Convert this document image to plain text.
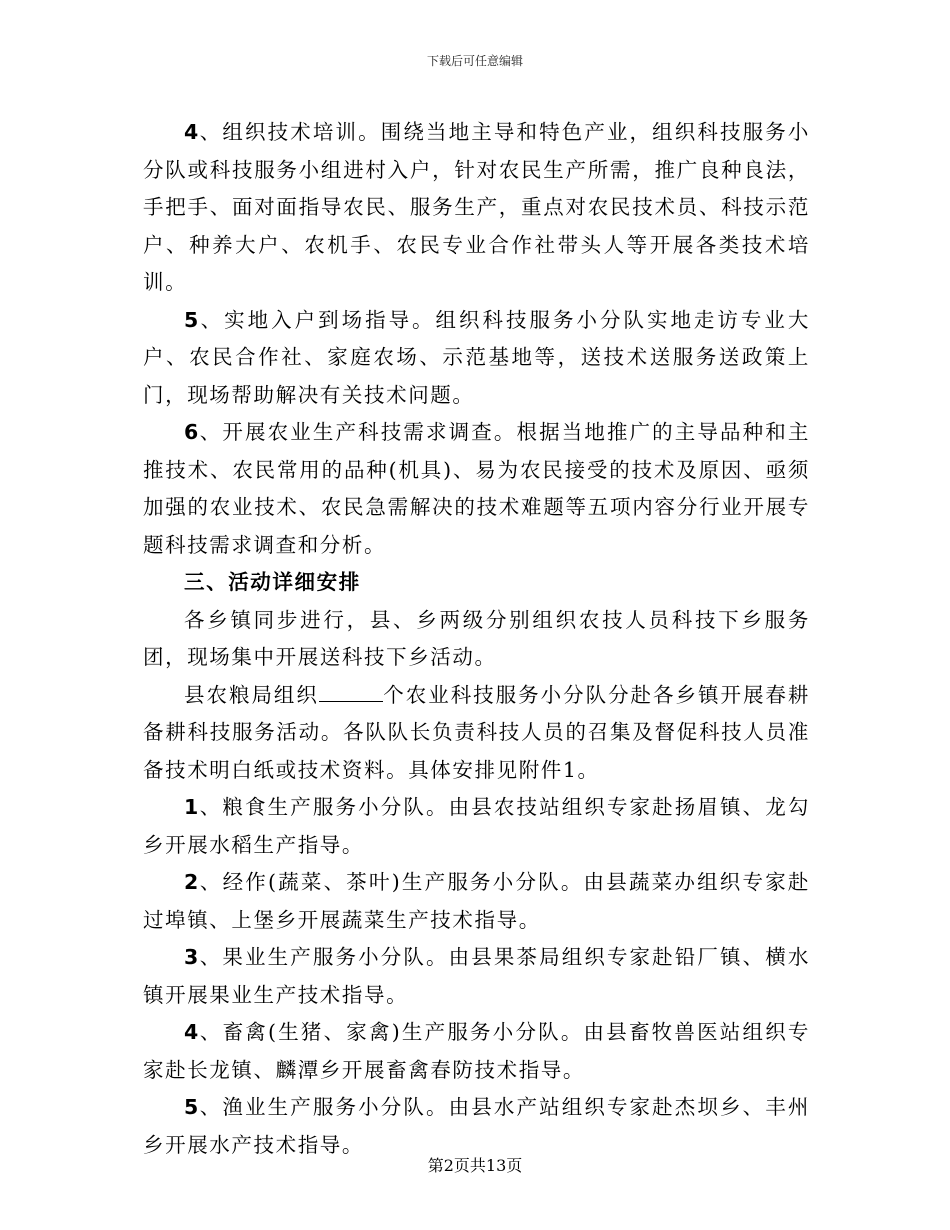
下载后可任意编辑

4、组织技术培训。围绕当地主导和特色产业，组织科技服务小分队或科技服务小组进村入户，针对农民生产所需，推广良种良法，手把手、面对面指导农民、服务生产，重点对农民技术员、科技示范户、种养大户、农机手、农民专业合作社带头人等开展各类技术培训。

5、实地入户到场指导。组织科技服务小分队实地走访专业大户、农民合作社、家庭农场、示范基地等，送技术送服务送政策上门，现场帮助解决有关技术问题。

6、开展农业生产科技需求调查。根据当地推广的主导品种和主推技术、农民常用的品种(机具)、易为农民接受的技术及原因、亟须加强的农业技术、农民急需解决的技术难题等五项内容分行业开展专题科技需求调查和分析。

三、活动详细安排

各乡镇同步进行，县、乡两级分别组织农技人员科技下乡服务团，现场集中开展送科技下乡活动。

县农粮局组织	个农业科技服务小分队分赴各乡镇开展春耕备耕科技服务活动。各队队长负责科技人员的召集及督促科技人员准备技术明白纸或技术资料。具体安排见附件1。

1、粮食生产服务小分队。由县农技站组织专家赴扬眉镇、龙勾乡开展水稻生产指导。

2、经作(蔬菜、茶叶)生产服务小分队。由县蔬菜办组织专家赴过埠镇、上堡乡开展蔬菜生产技术指导。

3、果业生产服务小分队。由县果茶局组织专家赴铅厂镇、横水镇开展果业生产技术指导。

4、畜禽(生猪、家禽)生产服务小分队。由县畜牧兽医站组织专家赴长龙镇、麟潭乡开展畜禽春防技术指导。

5、渔业生产服务小分队。由县水产站组织专家赴杰坝乡、丰州乡开展水产技术指导。

第2页共13页
